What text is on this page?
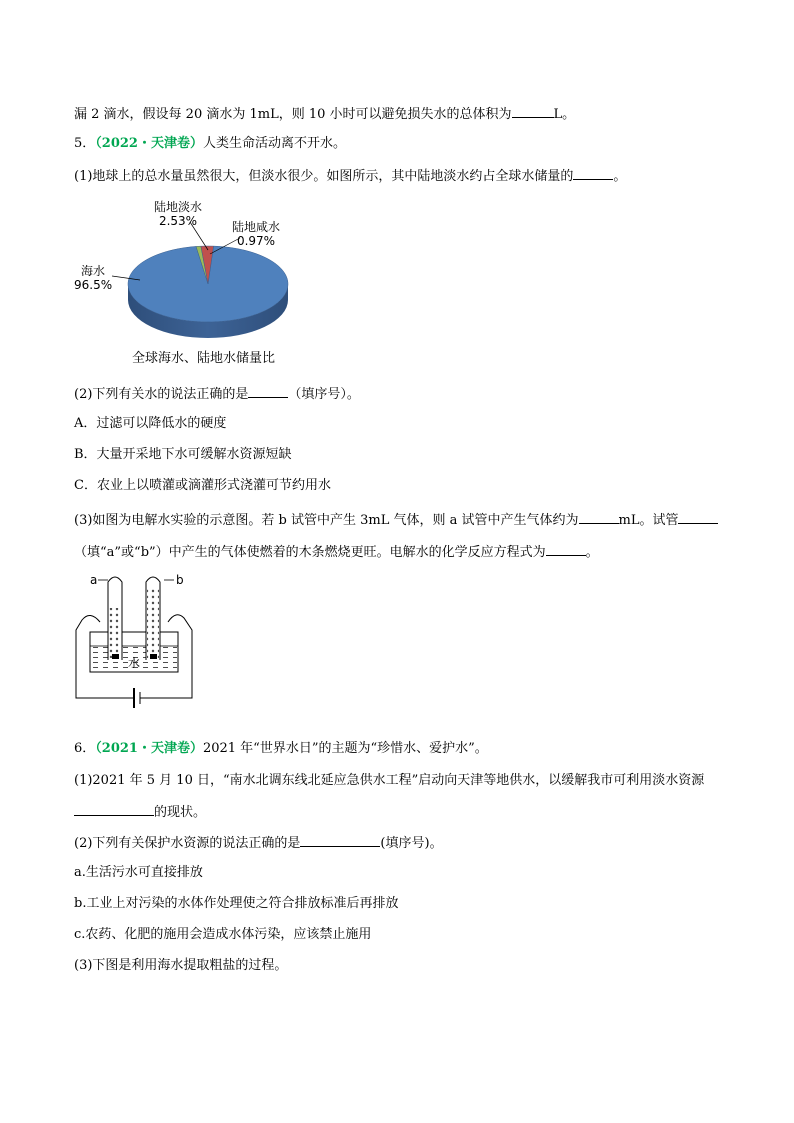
漏 2 滴水，假设每 20 滴水为 1mL，则 10 小时可以避免损失水的总体积为	L。
5．（2022・天津卷）人类生命活动离不开水。
(1)地球上的总水量虽然很大，但淡水很少。如图所示，其中陆地淡水约占全球水储量的	。
陆地淡水
2.53%	陆地咸水
0.97%
海水
96.5%
全球海水、陆地水储量比
(2)下列有关水的说法正确的是	（填序号）。
A．过滤可以降低水的硬度
B．大量开采地下水可缓解水资源短缺
C．农业上以喷灌或滴灌形式浇灌可节约用水
(3)如图为电解水实验的示意图。若 b 试管中产生 3mL 气体，则 a 试管中产生气体约为	mL。试管
（填“a”或“b”）中产生的气体使燃着的木条燃烧更旺。电解水的化学反应方程式为	。
a	b
水
6．（2021・天津卷）2021 年“世界水日”的主题为“珍惜水、爱护水”。
(1)2021 年 5 月 10 日，“南水北调东线北延应急供水工程”启动向天津等地供水，以缓解我市可利用淡水资源
的现状。
(2)下列有关保护水资源的说法正确的是	(填序号)。
a.生活污水可直接排放
b.工业上对污染的水体作处理使之符合排放标准后再排放
c.农药、化肥的施用会造成水体污染，应该禁止施用
(3)下图是利用海水提取粗盐的过程。
